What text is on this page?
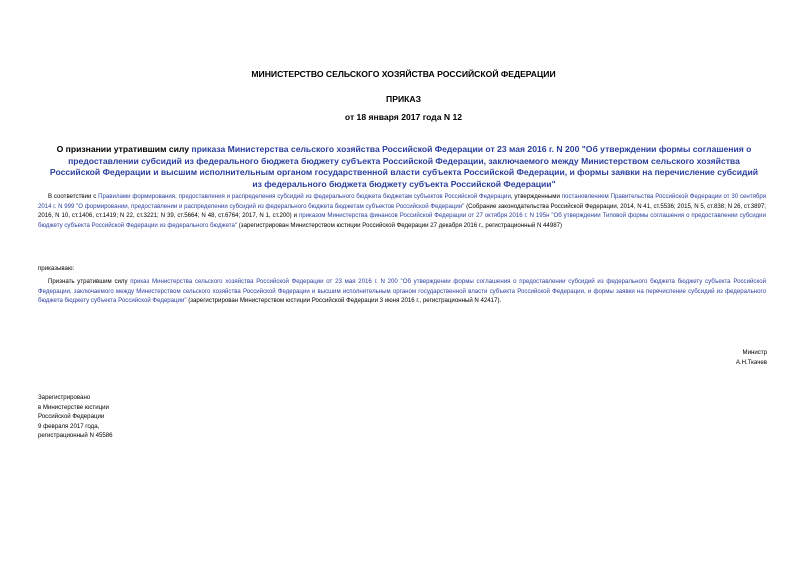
МИНИСТЕРСТВО СЕЛЬСКОГО ХОЗЯЙСТВА РОССИЙСКОЙ ФЕДЕРАЦИИ
ПРИКАЗ
от 18 января 2017 года N 12
О признании утратившим силу приказа Министерства сельского хозяйства Российской Федерации от 23 мая 2016 г. N 200 "Об утверждении формы соглашения о предоставлении субсидий из федерального бюджета бюджету субъекта Российской Федерации, заключаемого между Министерством сельского хозяйства Российской Федерации и высшим исполнительным органом государственной власти субъекта Российской Федерации, и формы заявки на перечисление субсидий из федерального бюджета бюджету субъекта Российской Федерации"
В соответствии с Правилами формирования, предоставления и распределения субсидий из федерального бюджета бюджетам субъектов Российской Федерации, утвержденными постановлением Правительства Российской Федерации от 30 сентября 2014 г. N 999 "О формировании, предоставлении и распределении субсидий из федерального бюджета бюджетам субъектов Российской Федерации" (Собрание законодательства Российской Федерации, 2014, N 41, ст.5536; 2015, N 5, ст.838; N 26, ст.3897; 2016, N 10, ст.1406, ст.1419; N 22, ст.3221; N 39, ст.5664; N 48, ст.6764; 2017, N 1, ст.200) и приказом Министерства финансов Российской Федерации от 27 октября 2016 г. N 195н "Об утверждении Типовой формы соглашения о предоставлении субсидии бюджету субъекта Российской Федерации из федерального бюджета" (зарегистрирован Министерством юстиции Российской Федерации 27 декабря 2016 г., регистрационный N 44987)
приказываю:
Признать утратившим силу приказ Министерства сельского хозяйства Российской Федерации от 23 мая 2016 г. N 200 "Об утверждении формы соглашения о предоставлении субсидий из федерального бюджета бюджету субъекта Российской Федерации, заключаемого между Министерством сельского хозяйства Российской Федерации и высшим исполнительным органом государственной власти субъекта Российской Федерации, и формы заявки на перечисление субсидий из федерального бюджета бюджету субъекта Российской Федерации" (зарегистрирован Министерством юстиции Российской Федерации 3 июня 2016 г., регистрационный N 42417).
Министр
А.Н.Ткачев
Зарегистрировано
в Министерстве юстиции
Российской Федерации
9 февраля 2017 года,
регистрационный N 45586
